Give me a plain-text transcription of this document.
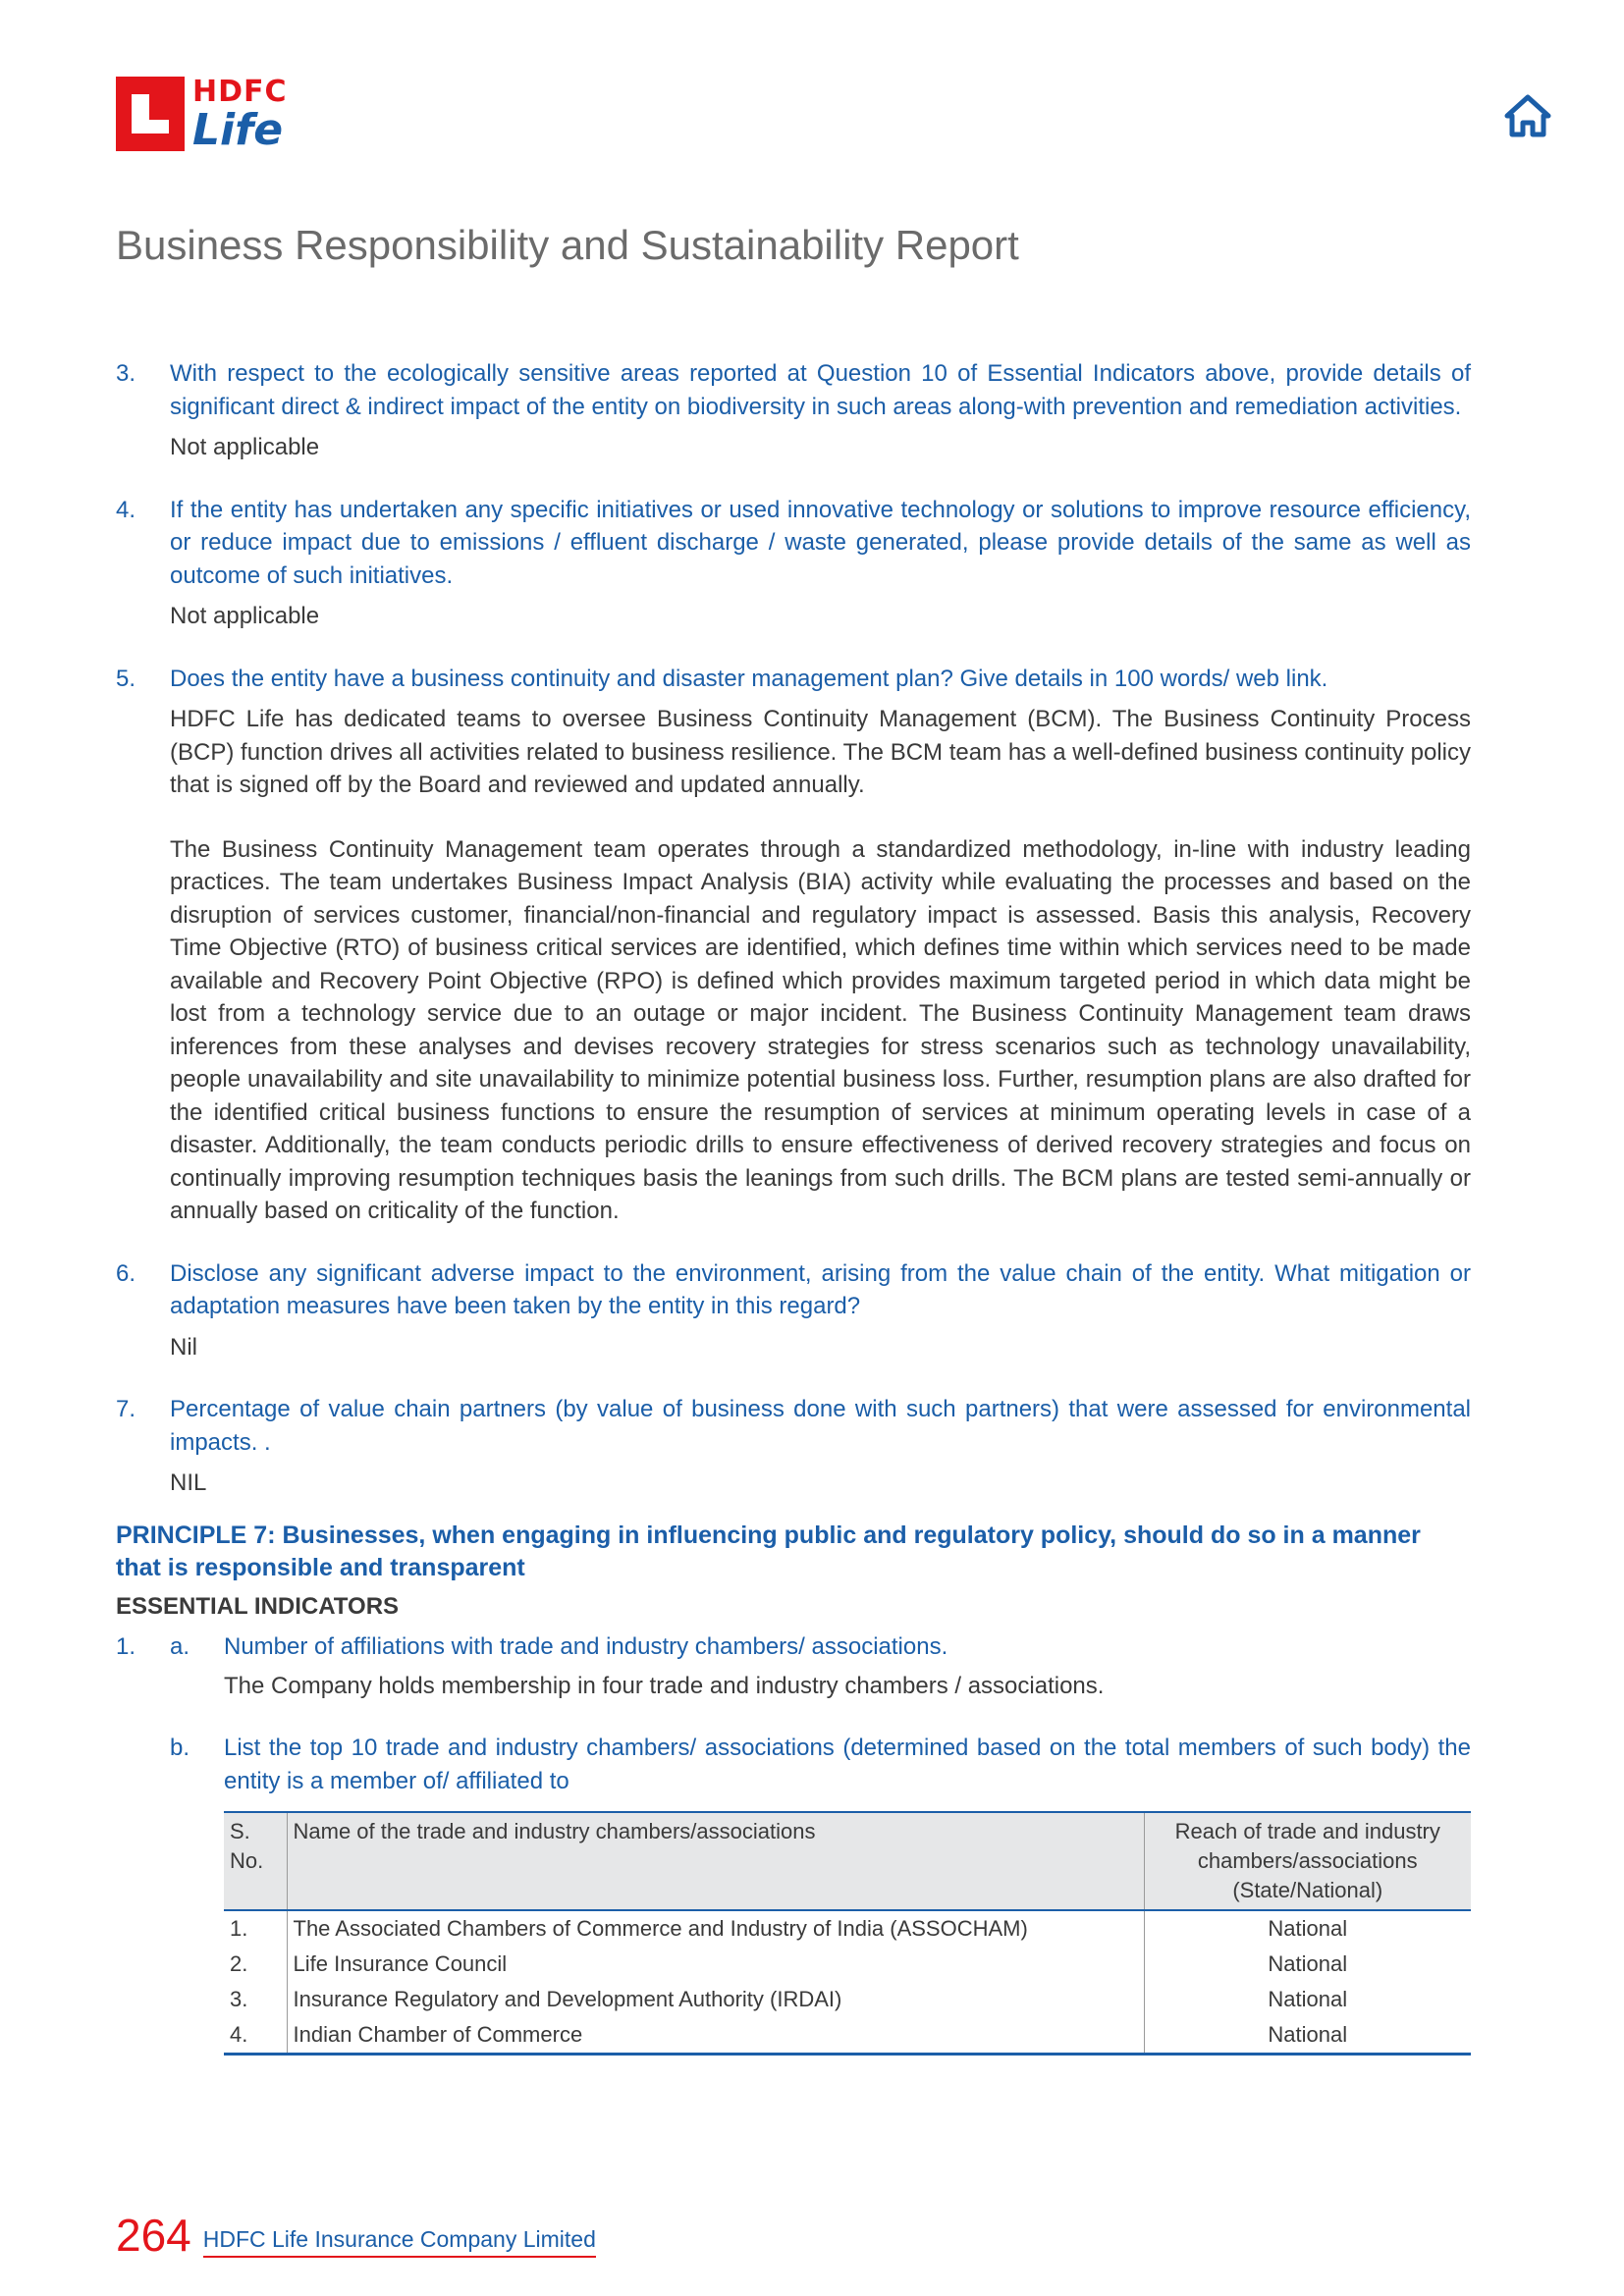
HDFC
Life
Business Responsibility and Sustainability Report
3.	With respect to the ecologically sensitive areas reported at Question 10 of Essential Indicators above, provide details of significant direct & indirect impact of the entity on biodiversity in such areas along-with prevention and remediation activities.

Not applicable

4.	If the entity has undertaken any specific initiatives or used innovative technology or solutions to improve resource efficiency, or reduce impact due to emissions / effluent discharge / waste generated, please provide details of the same as well as outcome of such initiatives.

Not applicable

5.	Does the entity have a business continuity and disaster management plan? Give details in 100 words/ web link.

HDFC Life has dedicated teams to oversee Business Continuity Management (BCM). The Business Continuity Process (BCP) function drives all activities related to business resilience. The BCM team has a well-defined business continuity policy that is signed off by the Board and reviewed and updated annually.

The Business Continuity Management team operates through a standardized methodology, in-line with industry leading practices. The team undertakes Business Impact Analysis (BIA) activity while evaluating the processes and based on the disruption of services customer, financial/non-financial and regulatory impact is assessed. Basis this analysis, Recovery Time Objective (RTO) of business critical services are identified, which defines time within which services need to be made available and Recovery Point Objective (RPO) is defined which provides maximum targeted period in which data might be lost from a technology service due to an outage or major incident. The Business Continuity Management team draws inferences from these analyses and devises recovery strategies for stress scenarios such as technology unavailability, people unavailability and site unavailability to minimize potential business loss. Further, resumption plans are also drafted for the identified critical business functions to ensure the resumption of services at minimum operating levels in case of a disaster. Additionally, the team conducts periodic drills to ensure effectiveness of derived recovery strategies and focus on continually improving resumption techniques basis the leanings from such drills. The BCM plans are tested semi-annually or annually based on criticality of the function.

6.	Disclose any significant adverse impact to the environment, arising from the value chain of the entity. What mitigation or adaptation measures have been taken by the entity in this regard?

Nil

7.	Percentage of value chain partners (by value of business done with such partners) that were assessed for environmental impacts. .

NIL

PRINCIPLE 7: Businesses, when engaging in influencing public and regulatory policy, should do so in a manner that is responsible and transparent
ESSENTIAL INDICATORS
1.	a.	Number of affiliations with trade and industry chambers/ associations.
The Company holds membership in four trade and industry chambers / associations.
b.	List the top 10 trade and industry chambers/ associations (determined based on the total members of such body) the entity is a member of/ affiliated to
S. No.	Name of the trade and industry chambers/associations	Reach of trade and industry chambers/associations (State/National)
1.	The Associated Chambers of Commerce and Industry of India (ASSOCHAM)	National
2.	Life Insurance Council	National
3.	Insurance Regulatory and Development Authority (IRDAI)	National
4.	Indian Chamber of Commerce	National
264 HDFC Life Insurance Company Limited
